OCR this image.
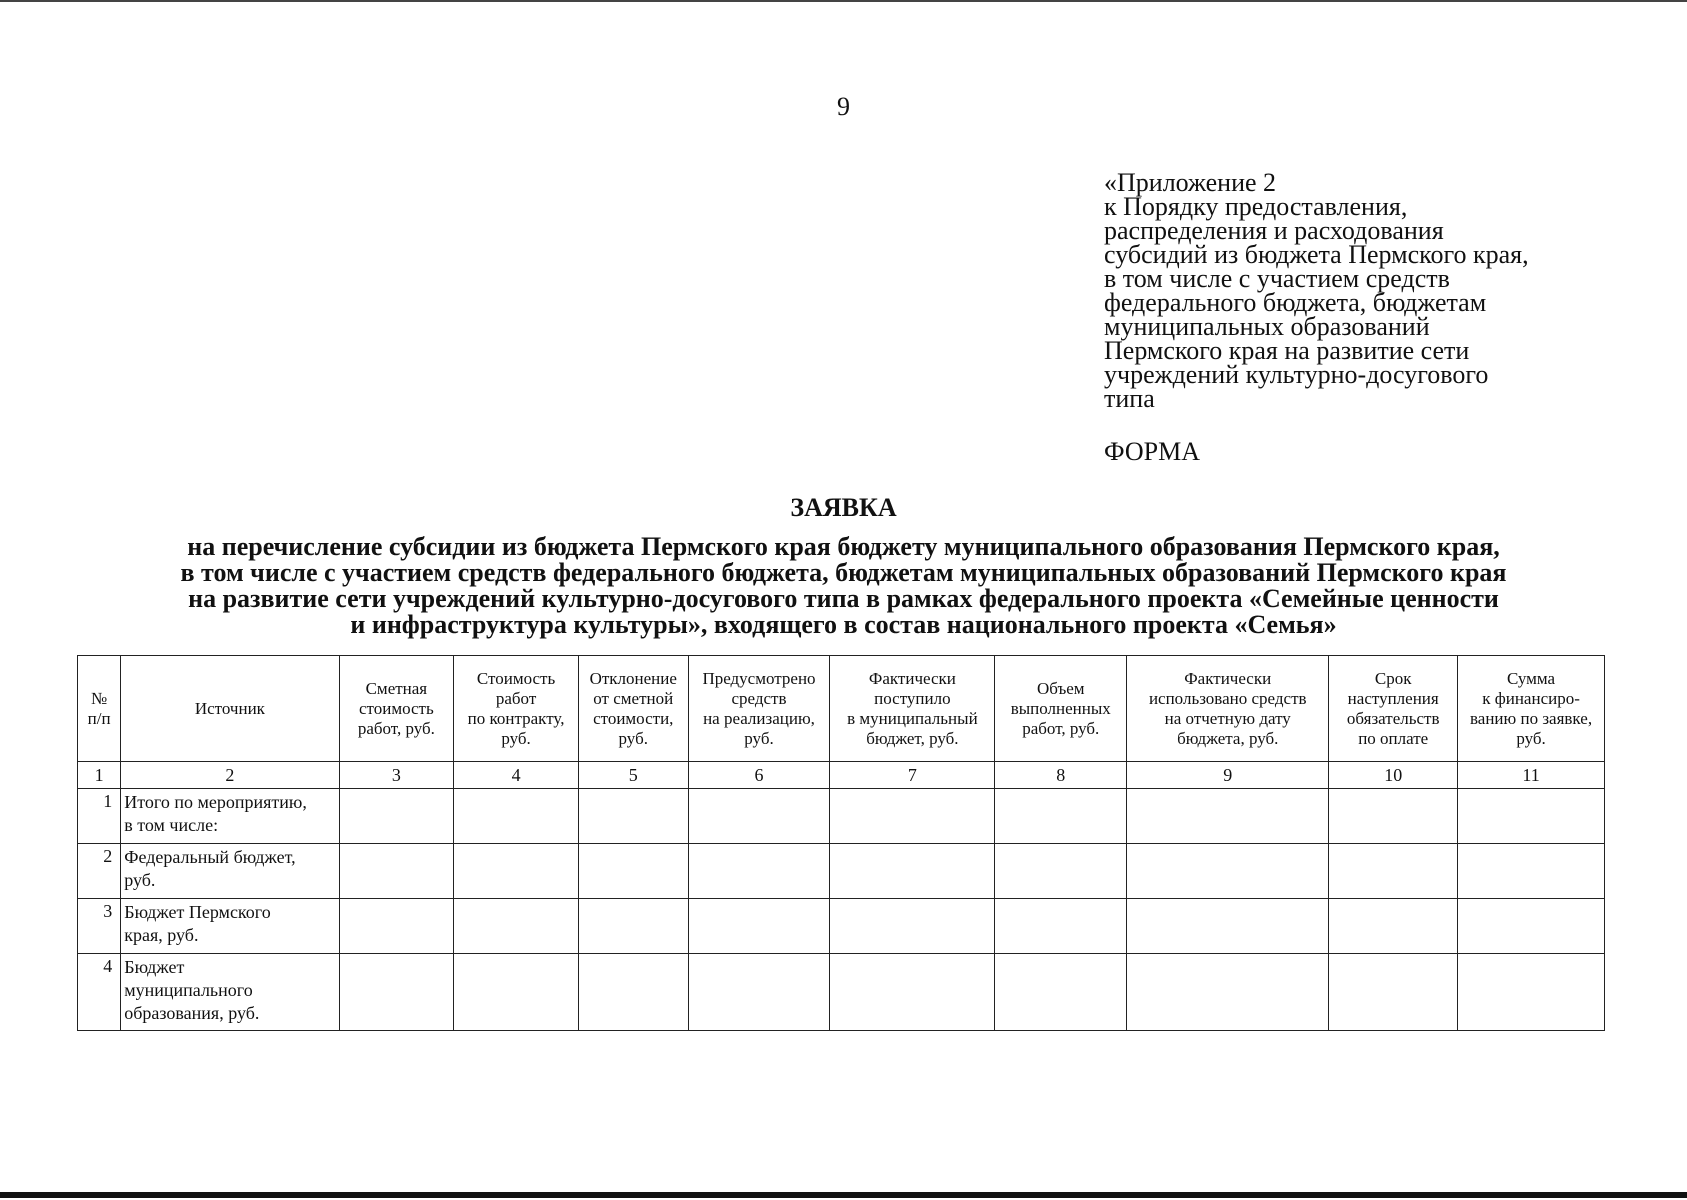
9
«Приложение 2
к Порядку предоставления,
распределения и расходования
субсидий из бюджета Пермского края,
в том числе с участием средств
федерального бюджета, бюджетам
муниципальных образований
Пермского края на развитие сети
учреждений культурно-досугового
типа
ФОРМА
ЗАЯВКА
на перечисление субсидии из бюджета Пермского края бюджету муниципального образования Пермского края,
в том числе с участием средств федерального бюджета, бюджетам муниципальных образований Пермского края
на развитие сети учреждений культурно-досугового типа в рамках федерального проекта «Семейные ценности
и инфраструктура культуры», входящего в состав национального проекта «Семья»
№
п/п	Источник	Сметная
стоимость
работ, руб.	Стоимость
работ
по контракту,
руб.	Отклонение
от сметной
стоимости,
руб.	Предусмотрено
средств
на реализацию,
руб.	Фактически
поступило
в муниципальный
бюджет, руб.	Объем
выполненных
работ, руб.	Фактически
использовано средств
на отчетную дату
бюджета, руб.	Срок
наступления
обязательств
по оплате	Сумма
к финансиро-
ванию по заявке,
руб.
1	2	3	4	5	6	7	8	9	10	11
1	Итого по мероприятию,
в том числе:									
2	Федеральный бюджет,
руб.									
3	Бюджет Пермского
края, руб.									
4	Бюджет
муниципального
образования, руб.									
